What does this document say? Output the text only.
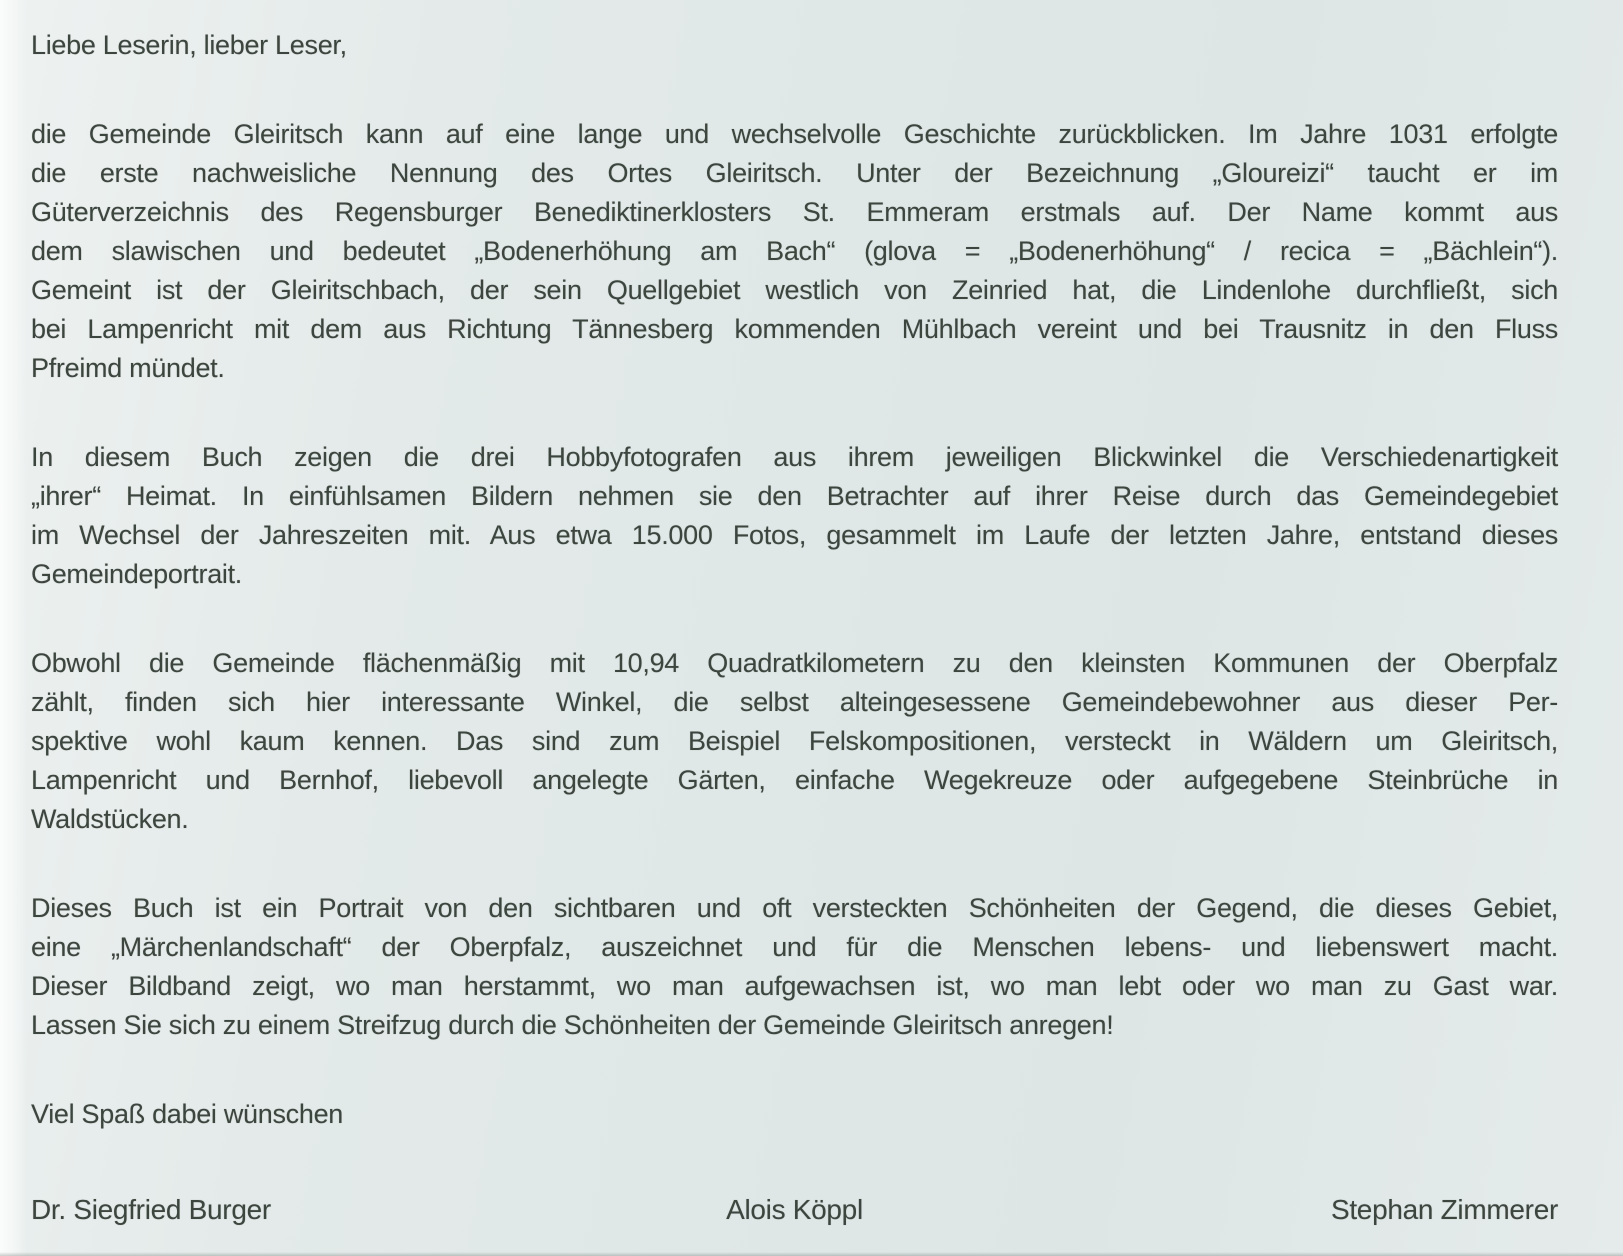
Liebe Leserin, lieber Leser,

die Gemeinde Gleiritsch kann auf eine lange und wechselvolle Geschichte zurückblicken. Im Jahre 1031 erfolgte
die erste nachweisliche Nennung des Ortes Gleiritsch. Unter der Bezeichnung „Gloureizi“ taucht er im
Güterverzeichnis des Regensburger Benediktinerklosters St. Emmeram erstmals auf. Der Name kommt aus
dem slawischen und bedeutet „Bodenerhöhung am Bach“ (glova = „Bodenerhöhung“ / recica = „Bächlein“).
Gemeint ist der Gleiritschbach, der sein Quellgebiet westlich von Zeinried hat, die Lindenlohe durchfließt, sich
bei Lampenricht mit dem aus Richtung Tännesberg kommenden Mühlbach vereint und bei Trausnitz in den Fluss
Pfreimd mündet.

In diesem Buch zeigen die drei Hobbyfotografen aus ihrem jeweiligen Blickwinkel die Verschiedenartigkeit
„ihrer“ Heimat. In einfühlsamen Bildern nehmen sie den Betrachter auf ihrer Reise durch das Gemeindegebiet
im Wechsel der Jahreszeiten mit. Aus etwa 15.000 Fotos, gesammelt im Laufe der letzten Jahre, entstand dieses
Gemeindeportrait.

Obwohl die Gemeinde flächenmäßig mit 10,94 Quadratkilometern zu den kleinsten Kommunen der Oberpfalz
zählt, finden sich hier interessante Winkel, die selbst alteingesessene Gemeindebewohner aus dieser Per-
spektive wohl kaum kennen. Das sind zum Beispiel Felskompositionen, versteckt in Wäldern um Gleiritsch,
Lampenricht und Bernhof, liebevoll angelegte Gärten, einfache Wegekreuze oder aufgegebene Steinbrüche in
Waldstücken.

Dieses Buch ist ein Portrait von den sichtbaren und oft versteckten Schönheiten der Gegend, die dieses Gebiet,
eine „Märchenlandschaft“ der Oberpfalz, auszeichnet und für die Menschen lebens- und liebenswert macht.
Dieser Bildband zeigt, wo man herstammt, wo man aufgewachsen ist, wo man lebt oder wo man zu Gast war.
Lassen Sie sich zu einem Streifzug durch die Schönheiten der Gemeinde Gleiritsch anregen!

Viel Spaß dabei wünschen

Dr. Siegfried Burger	Alois Köppl	Stephan Zimmerer
